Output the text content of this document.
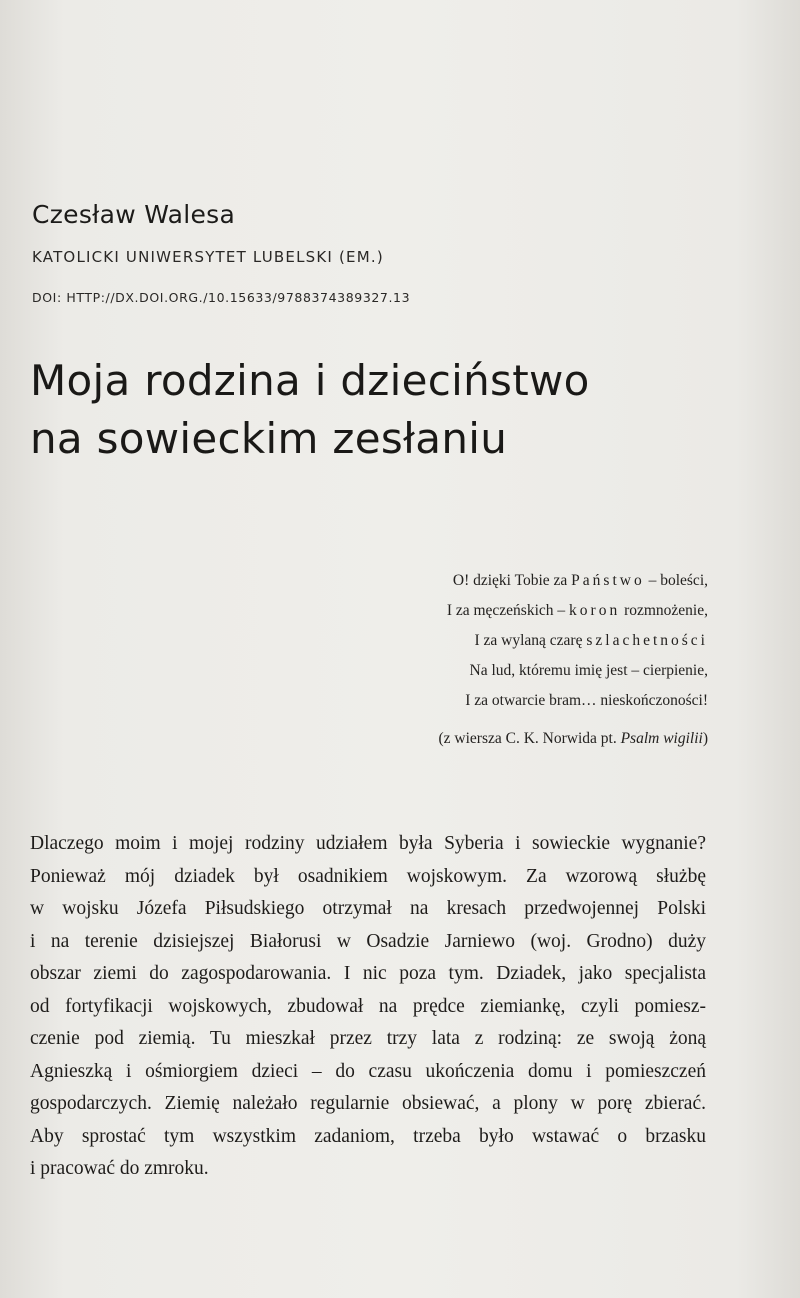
Czesław Walesa
KATOLICKI UNIWERSYTET LUBELSKI (EM.)
DOI: HTTP://DX.DOI.ORG./10.15633/9788374389327.13
Moja rodzina i dzieciństwo
na sowieckim zesłaniu
O! dzięki Tobie za Państwo – boleści,
I za męczeńskich – koron rozmnożenie,
I za wylaną czarę szlachetności
Na lud, któremu imię jest – cierpienie,
I za otwarcie bram… nieskończoności!
(z wiersza C. K. Norwida pt. Psalm wigilii)
Dlaczego moim i mojej rodziny udziałem była Syberia i sowieckie wygnanie?
Ponieważ mój dziadek był osadnikiem wojskowym. Za wzorową służbę
w wojsku Józefa Piłsudskiego otrzymał na kresach przedwojennej Polski
i na terenie dzisiejszej Białorusi w Osadzie Jarniewo (woj. Grodno) duży
obszar ziemi do zagospodarowania. I nic poza tym. Dziadek, jako specjalista
od fortyfikacji wojskowych, zbudował na prędce ziemiankę, czyli pomiesz-
czenie pod ziemią. Tu mieszkał przez trzy lata z rodziną: ze swoją żoną
Agnieszką i ośmiorgiem dzieci – do czasu ukończenia domu i pomieszczeń
gospodarczych. Ziemię należało regularnie obsiewać, a plony w porę zbierać.
Aby sprostać tym wszystkim zadaniom, trzeba było wstawać o brzasku
i pracować do zmroku.
